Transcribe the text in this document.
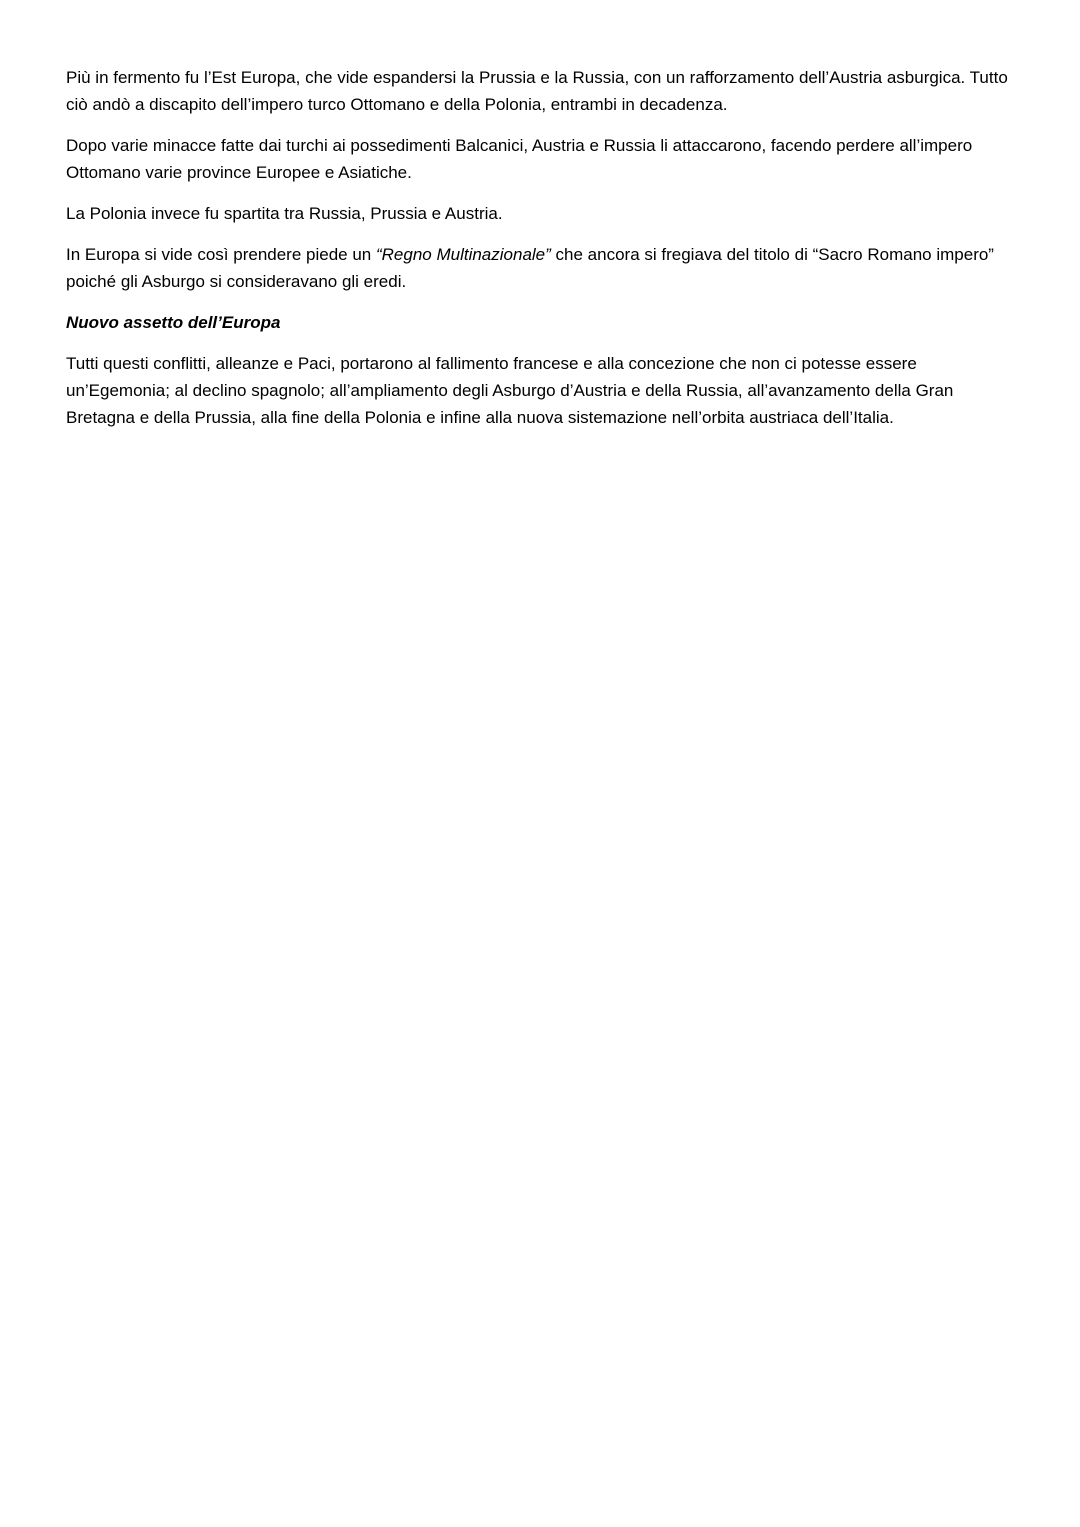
Più in fermento fu l’Est Europa, che vide espandersi la Prussia e la Russia, con un rafforzamento dell’Austria asburgica. Tutto ciò andò a discapito dell’impero turco Ottomano e della Polonia, entrambi in decadenza.

Dopo varie minacce fatte dai turchi ai possedimenti Balcanici, Austria e Russia li attaccarono, facendo perdere all’impero Ottomano varie province Europee e Asiatiche.

La Polonia invece fu spartita tra Russia, Prussia e Austria.

In Europa si vide così prendere piede un “Regno Multinazionale” che ancora si fregiava del titolo di “Sacro Romano impero” poiché gli Asburgo si consideravano gli eredi.

Nuovo assetto dell’Europa

Tutti questi conflitti, alleanze e Paci, portarono al fallimento francese e alla concezione che non ci potesse essere un’Egemonia; al declino spagnolo; all’ampliamento degli Asburgo d’Austria e della Russia, all’avanzamento della Gran Bretagna e della Prussia, alla fine della Polonia e infine alla nuova sistemazione nell’orbita austriaca dell’Italia.
